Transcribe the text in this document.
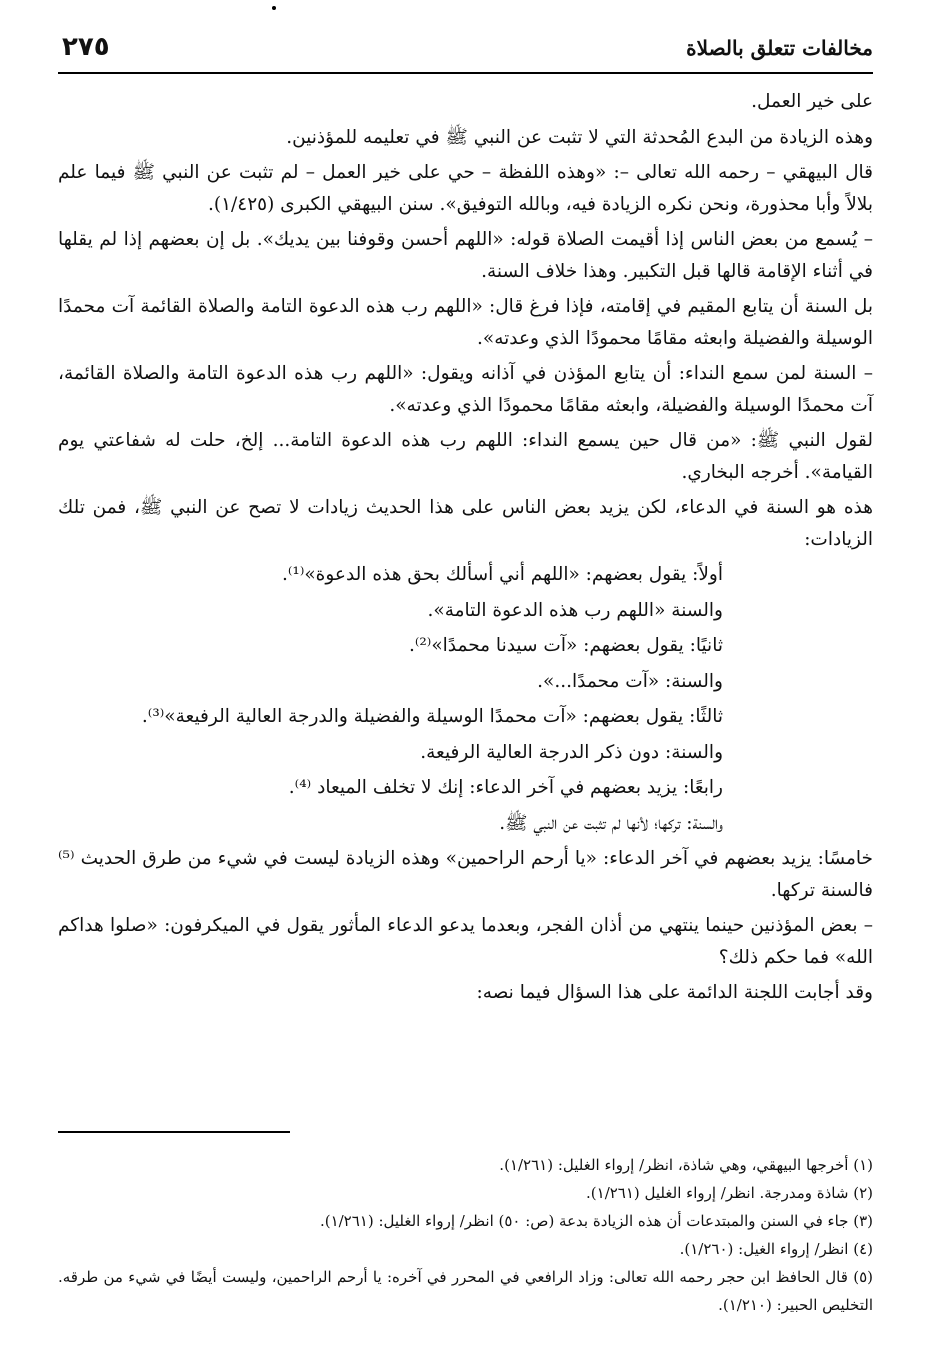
مخالفات تتعلق بالصلاة
٢٧٥

على خير العمل.

وهذه الزيادة من البدع المُحدثة التي لا تثبت عن النبي ﷺ في تعليمه للمؤذنين.

قال البيهقي – رحمه الله تعالى –: «وهذه اللفظة – حي على خير العمل – لم تثبت عن النبي ﷺ فيما علم بلالاً وأبا محذورة، ونحن نكره الزيادة فيه، وبالله التوفيق». سنن البيهقي الكبرى (١/٤٢٥).

– يُسمع من بعض الناس إذا أقيمت الصلاة قوله: «اللهم أحسن وقوفنا بين يديك». بل إن بعضهم إذا لم يقلها في أثناء الإقامة قالها قبل التكبير. وهذا خلاف السنة.

بل السنة أن يتابع المقيم في إقامته، فإذا فرغ قال: «اللهم رب هذه الدعوة التامة والصلاة القائمة آت محمدًا الوسيلة والفضيلة وابعثه مقامًا محمودًا الذي وعدته».

– السنة لمن سمع النداء: أن يتابع المؤذن في آذانه ويقول: «اللهم رب هذه الدعوة التامة والصلاة القائمة، آت محمدًا الوسيلة والفضيلة، وابعثه مقامًا محمودًا الذي وعدته».

لقول النبي ﷺ: «من قال حين يسمع النداء: اللهم رب هذه الدعوة التامة... إلخ، حلت له شفاعتي يوم القيامة». أخرجه البخاري.

هذه هو السنة في الدعاء، لكن يزيد بعض الناس على هذا الحديث زيادات لا تصح عن النبي ﷺ، فمن تلك الزيادات:

أولاً: يقول بعضهم: «اللهم أني أسألك بحق هذه الدعوة»⁽¹⁾.

والسنة «اللهم رب هذه الدعوة التامة».

ثانيًا: يقول بعضهم: «آت سيدنا محمدًا»⁽²⁾.

والسنة: «آت محمدًا...».

ثالثًا: يقول بعضهم: «آت محمدًا الوسيلة والفضيلة والدرجة العالية الرفيعة»⁽³⁾.

والسنة: دون ذكر الدرجة العالية الرفيعة.

رابعًا: يزيد بعضهم في آخر الدعاء: إنك لا تخلف الميعاد ⁽⁴⁾.

والسنة: تركها؛ لأنها لم تثبت عن النبي ﷺ.

خامسًا: يزيد بعضهم في آخر الدعاء: «يا أرحم الراحمين» وهذه الزيادة ليست في شيء من طرق الحديث ⁽⁵⁾ فالسنة تركها.

– بعض المؤذنين حينما ينتهي من أذان الفجر، وبعدما يدعو الدعاء المأثور يقول في الميكرفون: «صلوا هداكم الله» فما حكم ذلك؟

وقد أجابت اللجنة الدائمة على هذا السؤال فيما نصه:

(١) أخرجها البيهقي، وهي شاذة، انظر/ إرواء الغليل: (١/٢٦١).

(٢) شاذة ومدرجة. انظر/ إرواء الغليل (١/٢٦١).

(٣) جاء في السنن والمبتدعات أن هذه الزيادة بدعة (ص: ٥٠) انظر/ إرواء الغليل: (١/٢٦١).

(٤) انظر/ إرواء الغيل: (١/٢٦٠).

(٥) قال الحافظ ابن حجر رحمه الله تعالى: وزاد الرافعي في المحرر في آخره: يا أرحم الراحمين، وليست أيضًا في شيء من طرقه. التخليص الحبير: (١/٢١٠).
